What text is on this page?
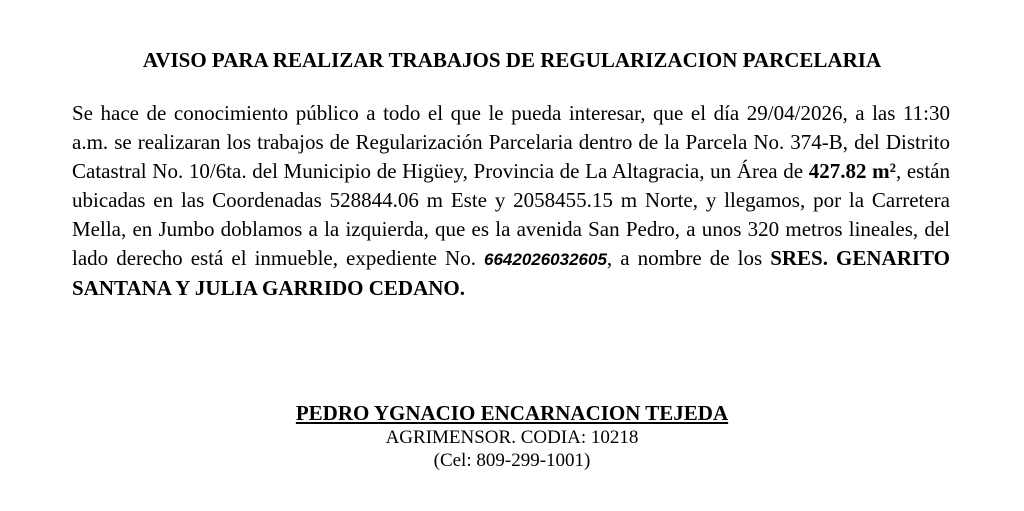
AVISO PARA REALIZAR TRABAJOS DE REGULARIZACION PARCELARIA

Se hace de conocimiento público a todo el que le pueda interesar, que el día 29/04/2026, a las 11:30 a.m. se realizaran los trabajos de Regularización Parcelaria dentro de la Parcela No. 374-B, del Distrito Catastral No. 10/6ta. del Municipio de Higüey, Provincia de La Altagracia, un Área de 427.82 m², están ubicadas en las Coordenadas 528844.06 m Este y 2058455.15 m Norte, y llegamos, por la Carretera Mella, en Jumbo doblamos a la izquierda, que es la avenida San Pedro, a unos 320 metros lineales, del lado derecho está el inmueble, expediente No. 6642026032605, a nombre de los SRES. GENARITO SANTANA Y JULIA GARRIDO CEDANO.

PEDRO YGNACIO ENCARNACION TEJEDA
AGRIMENSOR. CODIA: 10218
(Cel: 809-299-1001)
